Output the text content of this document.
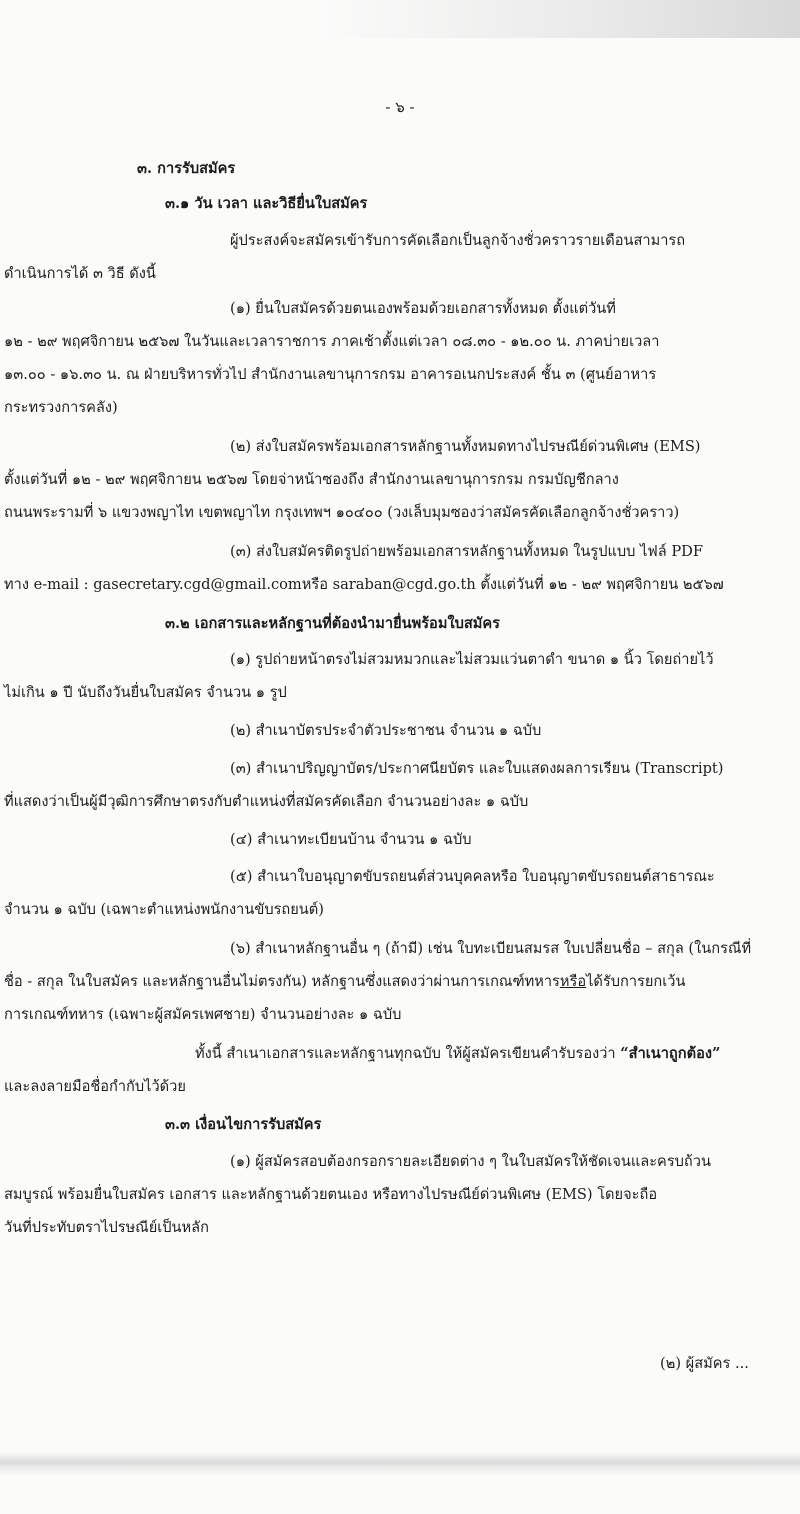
- ๖ -
๓. การรับสมัคร
๓.๑ วัน เวลา และวิธียื่นใบสมัคร
ผู้ประสงค์จะสมัครเข้ารับการคัดเลือกเป็นลูกจ้างชั่วคราวรายเดือนสามารถ
ดำเนินการได้ ๓ วิธี ดังนี้
(๑) ยื่นใบสมัครด้วยตนเองพร้อมด้วยเอกสารทั้งหมด ตั้งแต่วันที่
๑๒ - ๒๙ พฤศจิกายน ๒๕๖๗ ในวันและเวลาราชการ ภาคเช้าตั้งแต่เวลา ๐๘.๓๐ - ๑๒.๐๐ น. ภาคบ่ายเวลา
๑๓.๐๐ - ๑๖.๓๐ น. ณ ฝ่ายบริหารทั่วไป สำนักงานเลขานุการกรม อาคารอเนกประสงค์ ชั้น ๓ (ศูนย์อาหาร
กระทรวงการคลัง)
(๒) ส่งใบสมัครพร้อมเอกสารหลักฐานทั้งหมดทางไปรษณีย์ด่วนพิเศษ (EMS)
ตั้งแต่วันที่ ๑๒ - ๒๙ พฤศจิกายน ๒๕๖๗ โดยจ่าหน้าซองถึง สำนักงานเลขานุการกรม กรมบัญชีกลาง
ถนนพระรามที่ ๖ แขวงพญาไท เขตพญาไท กรุงเทพฯ ๑๐๔๐๐ (วงเล็บมุมซองว่าสมัครคัดเลือกลูกจ้างชั่วคราว)
(๓) ส่งใบสมัครติดรูปถ่ายพร้อมเอกสารหลักฐานทั้งหมด ในรูปแบบ ไฟล์ PDF
ทาง e-mail : gasecretary.cgd@gmail.comหรือ saraban@cgd.go.th ตั้งแต่วันที่ ๑๒ - ๒๙ พฤศจิกายน ๒๕๖๗
๓.๒ เอกสารและหลักฐานที่ต้องนำมายื่นพร้อมใบสมัคร
(๑) รูปถ่ายหน้าตรงไม่สวมหมวกและไม่สวมแว่นตาดำ ขนาด ๑ นิ้ว โดยถ่ายไว้
ไม่เกิน ๑ ปี นับถึงวันยื่นใบสมัคร จำนวน ๑ รูป
(๒) สำเนาบัตรประจำตัวประชาชน จำนวน ๑ ฉบับ
(๓) สำเนาปริญญาบัตร/ประกาศนียบัตร และใบแสดงผลการเรียน (Transcript)
ที่แสดงว่าเป็นผู้มีวุฒิการศึกษาตรงกับตำแหน่งที่สมัครคัดเลือก จำนวนอย่างละ ๑ ฉบับ
(๔) สำเนาทะเบียนบ้าน จำนวน ๑ ฉบับ
(๕) สำเนาใบอนุญาตขับรถยนต์ส่วนบุคคลหรือ ใบอนุญาตขับรถยนต์สาธารณะ
จำนวน ๑ ฉบับ (เฉพาะตำแหน่งพนักงานขับรถยนต์)
(๖) สำเนาหลักฐานอื่น ๆ (ถ้ามี) เช่น ใบทะเบียนสมรส ใบเปลี่ยนชื่อ – สกุล (ในกรณีที่
ชื่อ - สกุล ในใบสมัคร และหลักฐานอื่นไม่ตรงกัน) หลักฐานซึ่งแสดงว่าผ่านการเกณฑ์ทหารหรือได้รับการยกเว้น
การเกณฑ์ทหาร (เฉพาะผู้สมัครเพศชาย) จำนวนอย่างละ ๑ ฉบับ
ทั้งนี้ สำเนาเอกสารและหลักฐานทุกฉบับ ให้ผู้สมัครเขียนคำรับรองว่า “สำเนาถูกต้อง”
และลงลายมือชื่อกำกับไว้ด้วย
๓.๓ เงื่อนไขการรับสมัคร
(๑) ผู้สมัครสอบต้องกรอกรายละเอียดต่าง ๆ ในใบสมัครให้ชัดเจนและครบถ้วน
สมบูรณ์ พร้อมยื่นใบสมัคร เอกสาร และหลักฐานด้วยตนเอง หรือทางไปรษณีย์ด่วนพิเศษ (EMS) โดยจะถือ
วันที่ประทับตราไปรษณีย์เป็นหลัก
(๒) ผู้สมัคร ...
